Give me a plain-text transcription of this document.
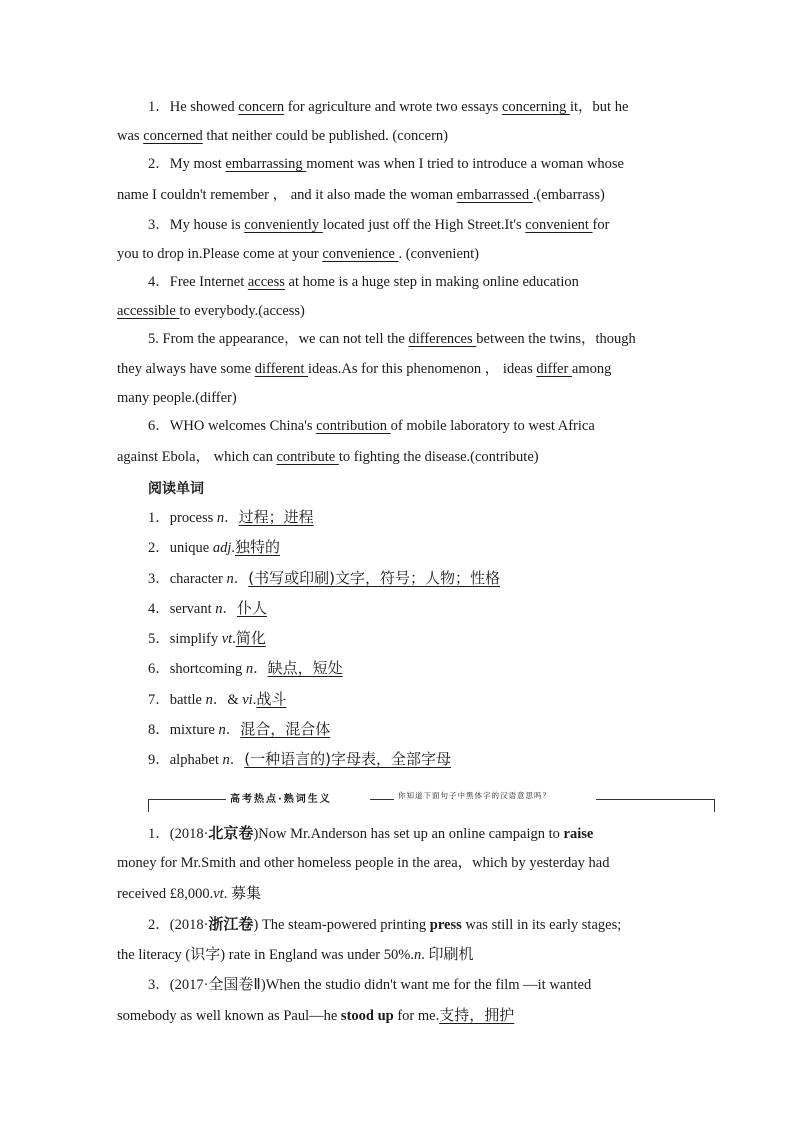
1．He showed concern for agriculture and wrote two essays concerning it，but he
was concerned that neither could be published. (concern)
2．My most embarrassing moment was when I tried to introduce a woman whose
name I couldn't remember ， and it also made the woman embarrassed .(embarrass)
3．My house is conveniently located just off the High Street.It's convenient for
you to drop in.Please come at your convenience . (convenient)
4．Free Internet access at home is a huge step in making online education
accessible to everybody.(access)
5. From the appearance，we can not tell the differences between the twins，though
they always have some different ideas.As for this phenomenon ， ideas differ among
many people.(differ)
6．WHO welcomes China's contribution of mobile laboratory to west Africa
against Ebola， which can contribute to fighting the disease.(contribute)
阅读单词
1．process n．过程；进程
2．unique adj.独特的
3．character n．(书写或印刷)文字，符号；人物；性格
4．servant n．仆人
5．simplify vt.简化
6．shortcoming n．缺点，短处
7．battle n．& vi.战斗
8．mixture n．混合，混合体
9．alphabet n．(一种语言的)字母表，全部字母
高考热点·熟词生义	你知道下面句子中黑体字的汉语意思吗？
1．(2018·北京卷)Now Mr.Anderson has set up an online campaign to raise
money for Mr.Smith and other homeless people in the area，which by yesterday had
received £8,000.vt. 募集
2．(2018·浙江卷) The steam-powered printing press was still in its early stages;
the literacy (识字) rate in England was under 50%.n. 印刷机
3．(2017·全国卷Ⅱ)When the studio didn't want me for the film —it wanted
somebody as well known as Paul—he stood up for me.支持，拥护
